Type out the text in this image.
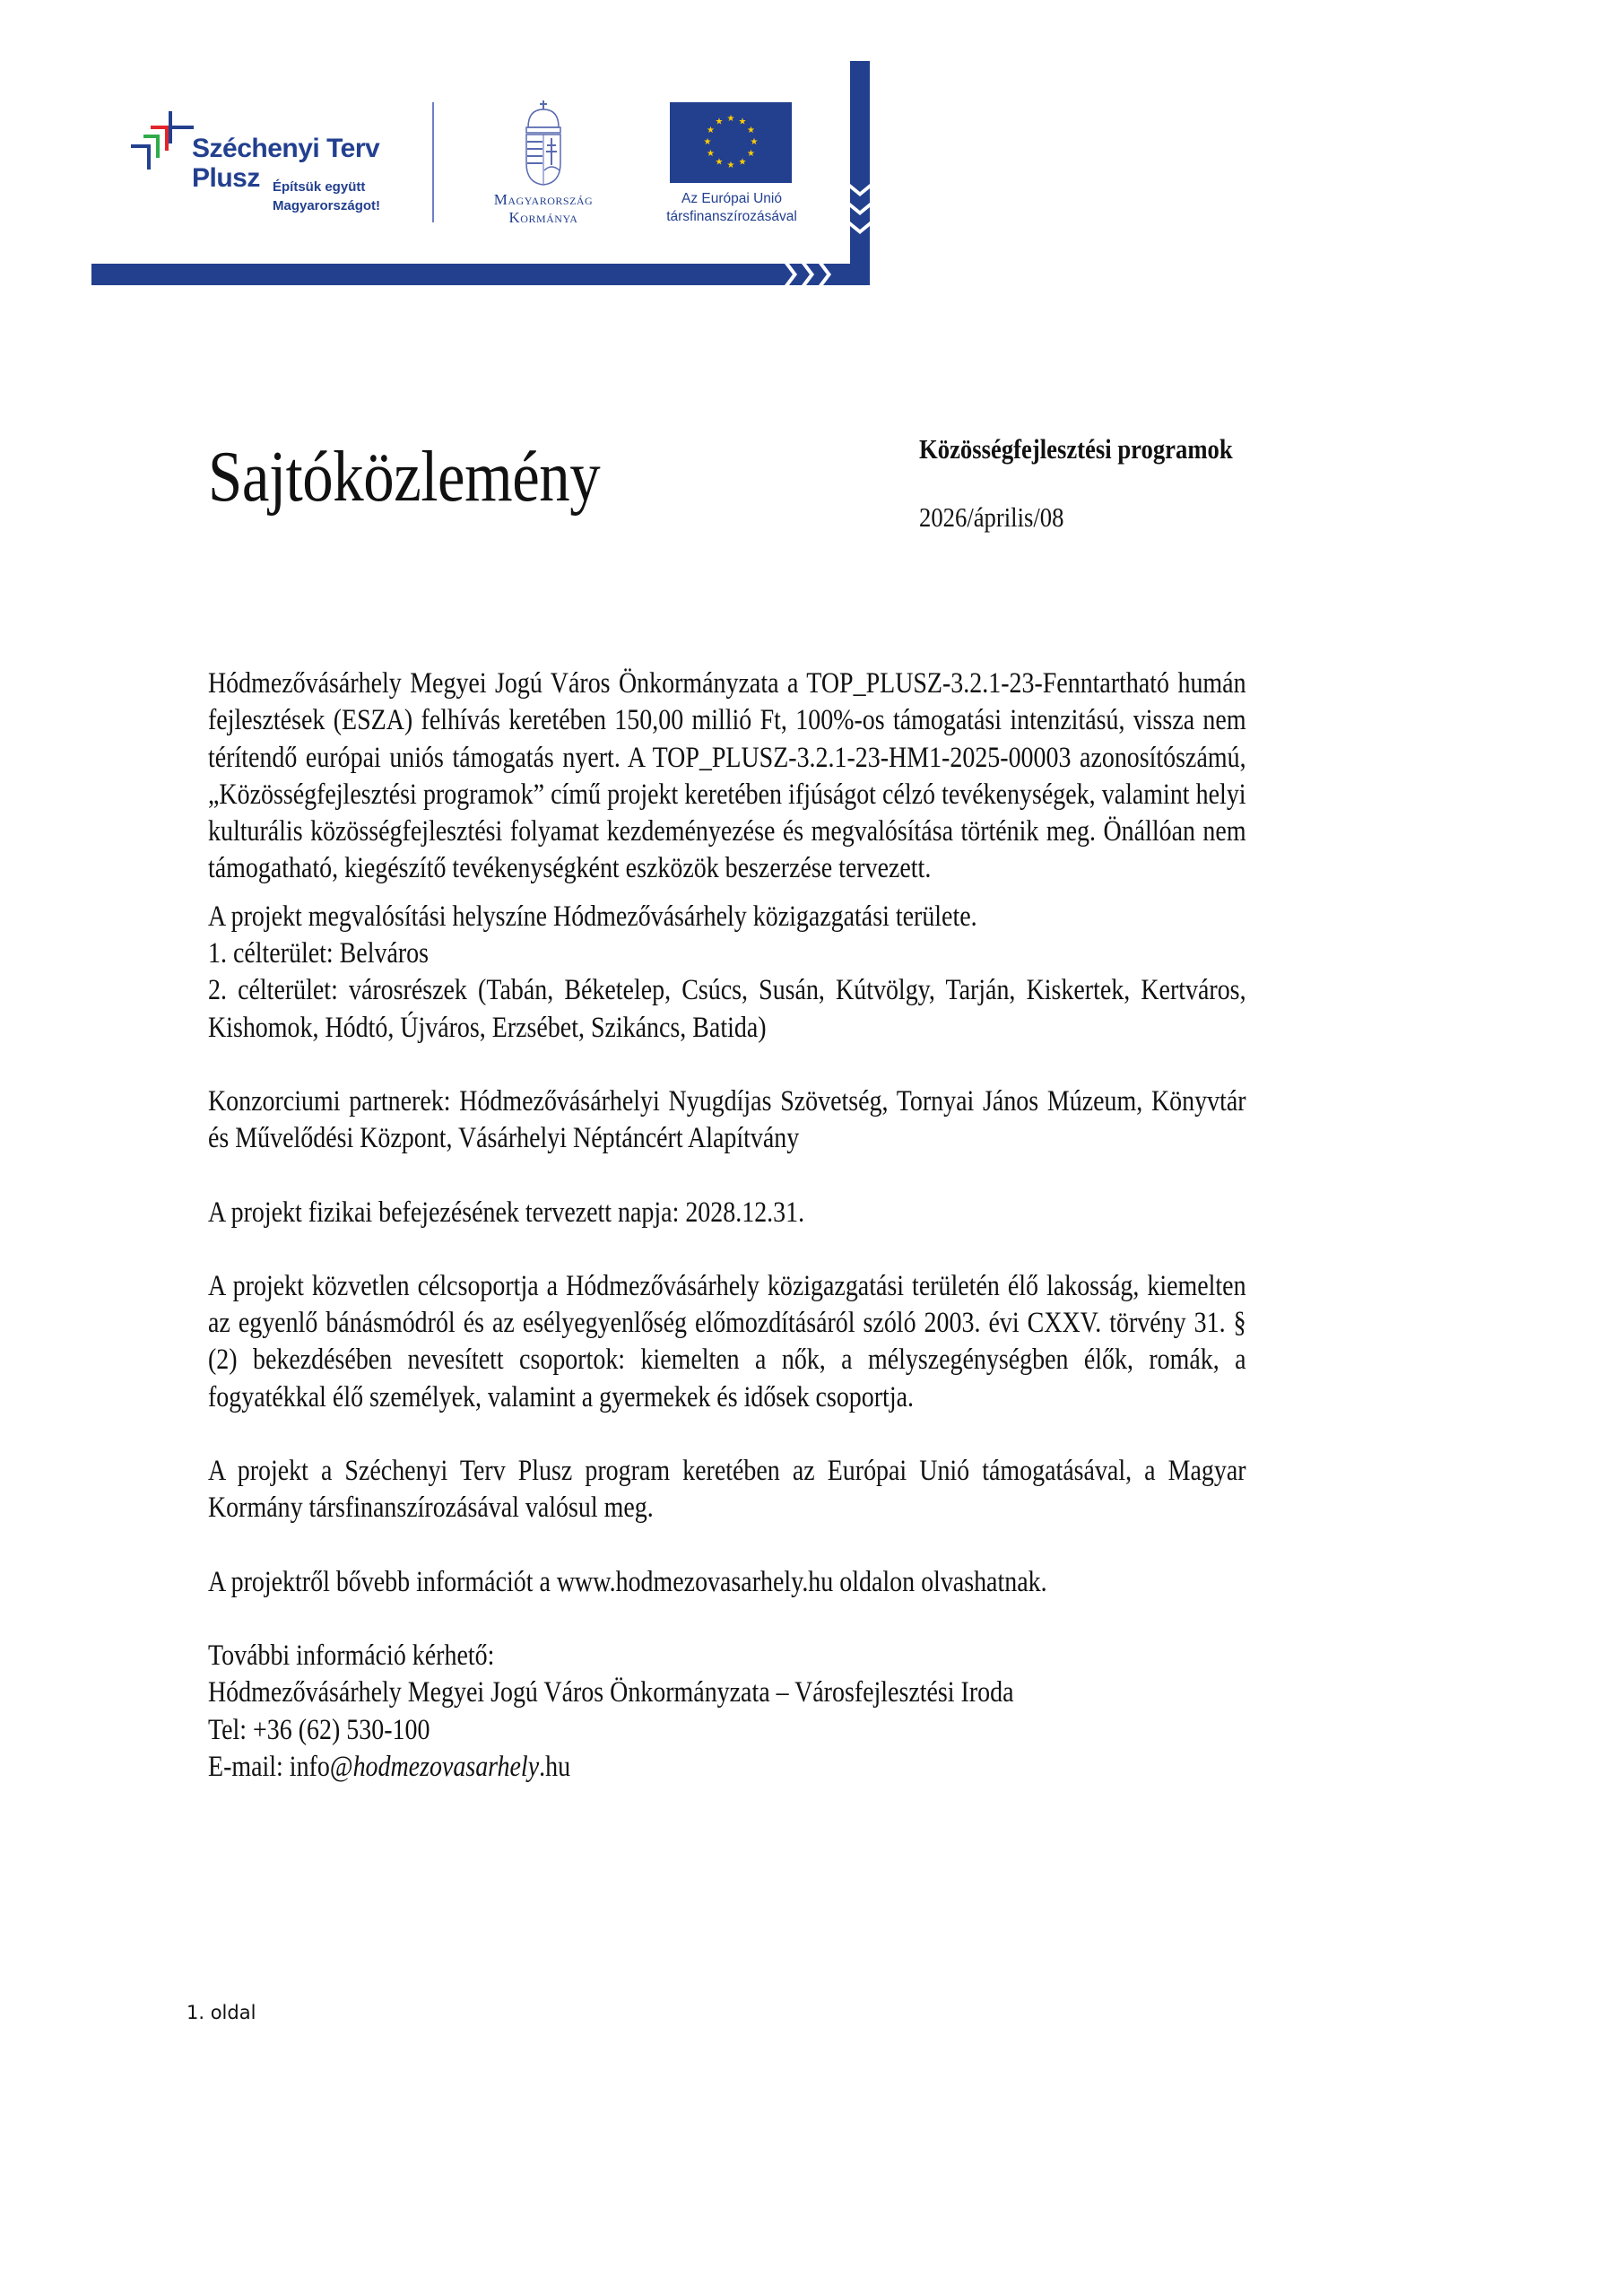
Széchenyi Terv
Plusz Építsük együtt
Magyarországot!	Magyarország
Kormánya
★ ★
★
★
★
★
★
★
★
★
★
★
Az Európai Unió
társfinanszírozásával
Sajtóközlemény	Közösségfejlesztési programok
2026/április/08

Hódmezővásárhely Megyei Jogú Város Önkormányzata a TOP_PLUSZ-3.2.1-23-Fenntartható humán fejlesztések (ESZA) felhívás keretében 150,00 millió Ft, 100%-os támogatási intenzitású, vissza nem térítendő európai uniós támogatás nyert. A TOP_PLUSZ-3.2.1-23-HM1-2025-00003 azonosítószámú, „Közösségfejlesztési programok” című projekt keretében ifjúságot célzó tevékenységek, valamint helyi kulturális közösségfejlesztési folyamat kezdeményezése és megvalósítása történik meg. Önállóan nem támogatható, kiegészítő tevékenységként eszközök beszerzése tervezett.

A projekt megvalósítási helyszíne Hódmezővásárhely közigazgatási területe.

1. célterület: Belváros

2. célterület: városrészek (Tabán, Béketelep, Csúcs, Susán, Kútvölgy, Tarján, Kiskertek, Kertváros, Kishomok, Hódtó, Újváros, Erzsébet, Szikáncs, Batida)

Konzorciumi partnerek: Hódmezővásárhelyi Nyugdíjas Szövetség, Tornyai János Múzeum, Könyvtár és Művelődési Központ, Vásárhelyi Néptáncért Alapítvány

A projekt fizikai befejezésének tervezett napja: 2028.12.31.

A projekt közvetlen célcsoportja a Hódmezővásárhely közigazgatási területén élő lakosság, kiemelten az egyenlő bánásmódról és az esélyegyenlőség előmozdításáról szóló 2003. évi CXXV. törvény 31. § (2) bekezdésében nevesített csoportok: kiemelten a nők, a mélyszegénységben élők, romák, a fogyatékkal élő személyek, valamint a gyermekek és idősek csoportja.

A projekt a Széchenyi Terv Plusz program keretében az Európai Unió támogatásával, a Magyar Kormány társfinanszírozásával valósul meg.

A projektről bővebb információt a www.hodmezovasarhely.hu oldalon olvashatnak.

További információ kérhető:

Hódmezővásárhely Megyei Jogú Város Önkormányzata – Városfejlesztési Iroda

Tel: +36 (62) 530-100

E-mail: info@hodmezovasarhely.hu

1. oldal
